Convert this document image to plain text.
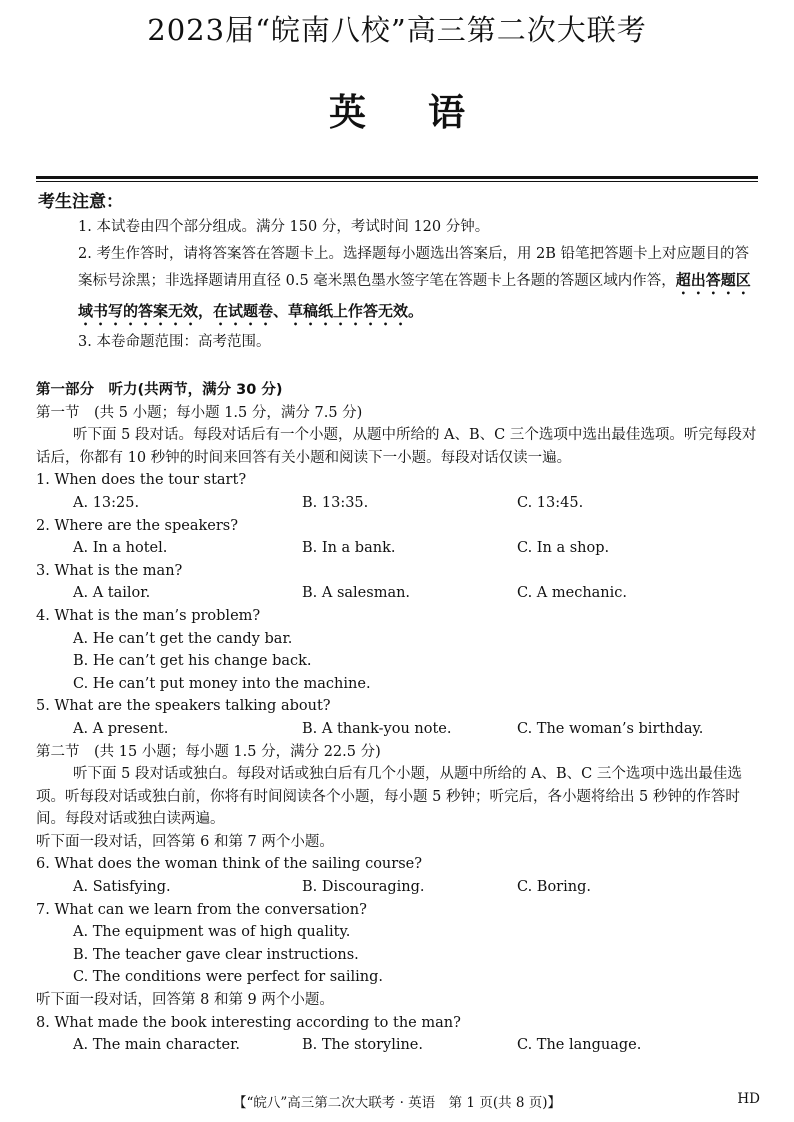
2023届“皖南八校”高三第二次大联考
英语
考生注意：

1. 本试卷由四个部分组成。满分 150 分，考试时间 120 分钟。

2. 考生作答时，请将答案答在答题卡上。选择题每小题选出答案后，用 2B 铅笔把答题卡上对应题目的答案标号涂黑；非选择题请用直径 0.5 毫米黑色墨水签字笔在答题卡上各题的答题区域内作答，超出答题区域书写的答案无效，在试题卷、草稿纸上作答无效。

3. 本卷命题范围：高考范围。

第一部分　听力(共两节，满分 30 分)
第一节　(共 5 小题；每小题 1.5 分，满分 7.5 分)
听下面 5 段对话。每段对话后有一个小题，从题中所给的 A、B、C 三个选项中选出最佳选项。听完每段对话后，你都有 10 秒钟的时间来回答有关小题和阅读下一小题。每段对话仅读一遍。
1. When does the tour start?
A. 13:25.	B. 13:35.	C. 13:45.
2. Where are the speakers?
A. In a hotel.	B. In a bank.	C. In a shop.
3. What is the man?
A. A tailor.	B. A salesman.	C. A mechanic.
4. What is the man’s problem?
A. He can’t get the candy bar.
B. He can’t get his change back.
C. He can’t put money into the machine.
5. What are the speakers talking about?
A. A present.	B. A thank-you note.	C. The woman’s birthday.
第二节　(共 15 小题；每小题 1.5 分，满分 22.5 分)
听下面 5 段对话或独白。每段对话或独白后有几个小题，从题中所给的 A、B、C 三个选项中选出最佳选项。听每段对话或独白前，你将有时间阅读各个小题，每小题 5 秒钟；听完后，各小题将给出 5 秒钟的作答时间。每段对话或独白读两遍。
听下面一段对话，回答第 6 和第 7 两个小题。
6. What does the woman think of the sailing course?
A. Satisfying.	B. Discouraging.	C. Boring.
7. What can we learn from the conversation?
A. The equipment was of high quality.
B. The teacher gave clear instructions.
C. The conditions were perfect for sailing.
听下面一段对话，回答第 8 和第 9 两个小题。
8. What made the book interesting according to the man?
A. The main character.	B. The storyline.	C. The language.
【“皖八”高三第二次大联考 · 英语　第 1 页(共 8 页)】	HD
